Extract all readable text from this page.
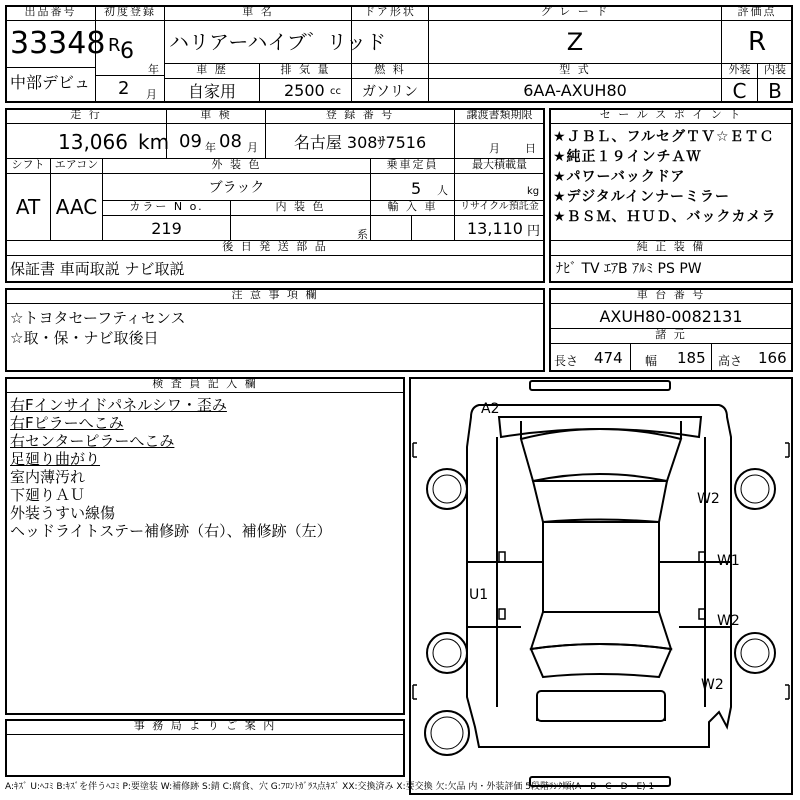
出品番号
33348
中部デビュ
初度登録
R 6
年
2 月
車 名
ハリアーハイブ゛リッド
ドア形状	グ レ ー ド
Z
評価点
R
車 歴
自家用
排 気 量
2500 cc
燃 料
ガソリン
型 式
6AA-AXUH80
外装	内装
C	B
走 行
13,066 km
車 検
09 年 08 月
登 録 番 号
名古屋 308ｻ7516
譲渡書類期限
月 日
シフト
AT
エアコン
AAC
外 装 色
ブラック
乗車定員
5 人
最大積載量
kg
カラー N o.
219
内 装 色
系
輸 入 車	リサイクル預託金
13,110 円
後 日 発 送 部 品
保証書 車両取説 ナビ取説
セ ー ル ス ポ イ ン ト
★ＪＢＬ、フルセグＴＶ☆ＥＴＣ
★純正１９インチＡＷ
★パワーバックドア
★デジタルインナーミラー
★ＢＳＭ、ＨＵＤ、バックカメラ
純 正 装 備
ﾅﾋﾞ TV ｴｱB ｱﾙﾐ PS PW
注 意 事 項 欄
☆トヨタセーフティセンス
☆取・保・ナビ取後日
車 台 番 号
AXUH80-0082131
諸 元
長さ 474 幅 185 高さ 166
検 査 員 記 入 欄
右Fインサイドパネルシワ・歪み
右Fピラーへこみ
右センターピラーへこみ
足廻り曲がり
室内薄汚れ
下廻りＡＵ
外装うすい線傷
ヘッドライトステー補修跡（右）、補修跡（左）
A2
W2
W1
U1
W2
W2
事 務 局 よ り ご 案 内
A:ｷｽﾞ U:ﾍｺﾐ B:ｷｽﾞを伴うﾍｺﾐ P:要塗装 W:補修跡 S:錆 C:腐食、穴 G:ﾌﾛﾝﾄｶﾞﾗｽ点ｷｽﾞ XX:交換済み X:要交換 欠:欠品 内・外装評価 5段階ﾗﾝｸ順(A・B・C・D・E) 1
